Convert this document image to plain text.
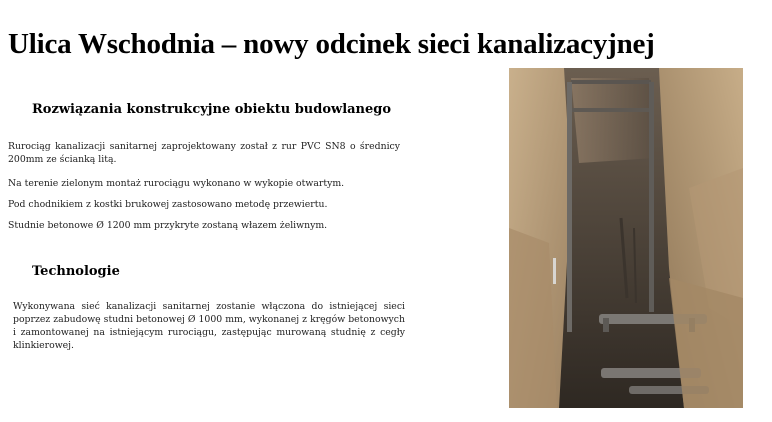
Ulica Wschodnia – nowy odcinek sieci kanalizacyjnej
Rozwiązania konstrukcyjne obiektu budowlanego

Rurociąg kanalizacji sanitarnej zaprojektowany został z rur PVC SN8 o średnicy 200mm ze ścianką litą.

Na terenie zielonym montaż rurociągu wykonano w wykopie otwartym.

Pod chodnikiem z kostki brukowej zastosowano metodę przewiertu.

Studnie betonowe Ø 1200 mm przykryte zostaną włazem żeliwnym.

Technologie

Wykonywana sieć kanalizacji sanitarnej zostanie włączona do istniejącej sieci poprzez zabudowę studni betonowej Ø 1000 mm, wykonanej z kręgów betonowych i zamontowanej na istniejącym rurociągu, zastępując murowaną studnię z cegły klinkierowej.
